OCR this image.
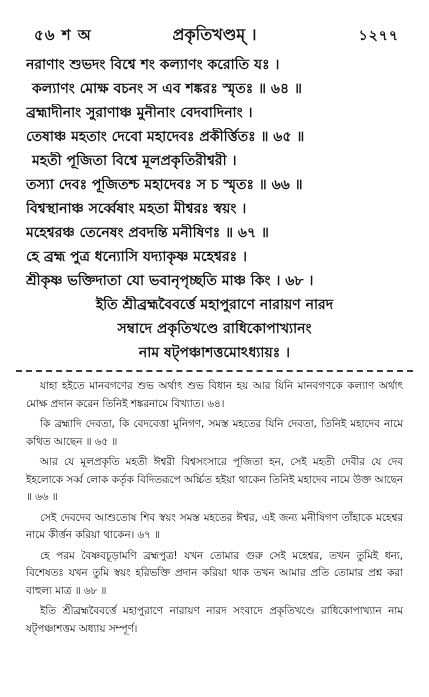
৫৬ শ অ	প্রকৃতিখণ্ডম্ ।	১২৭৭
নরাণাং শুভদং বিশ্বে শং কল্যাণং করোতি যঃ ।
কল্যাণং মোক্ষ বচনং স এব শঙ্করঃ স্মৃতঃ ॥ ৬৪ ॥
ব্রহ্মাদীনাং সুরাণাঞ্চ মুনীনাং বেদবাদিনাং ।
তেষাঞ্চ মহতাং দেবো মহাদেবঃ প্রকীর্ত্তিতঃ ॥ ৬৫ ॥
মহতী পূজিতা বিশ্বে মূলপ্রকৃতিরীশ্বরী ।
তস্যা দেবঃ পূজিতশ্চ মহাদেবঃ স চ স্মৃতঃ ॥ ৬৬ ॥
বিশ্বস্থানাঞ্চ সর্ব্বেষাং মহতা মীশ্বরঃ স্বয়ং ।
মহেশ্বরঞ্চ তেনেষং প্রবদন্তি মনীষিণঃ ॥ ৬৭ ॥
হে ব্রহ্ম পুত্র ধন্যোসি যদ্যাকৃষ্ণ মহেশ্বরঃ ।
শ্রীকৃষ্ণ ভক্তিদাতা যো ভবানৃপৃচ্ছতি মাঞ্চ কিং । ৬৮ ।
ইতি শ্রীব্রহ্মবৈবর্ত্তে মহাপুরাণে নারায়ণ নারদ
সম্বাদে প্রকৃতিখণ্ডে রাধিকোপাখ্যানং
নাম ষট্পঞ্চাশত্তমোঽধ্যায়ঃ ।

যাহা হইতে মানবগণের শুভ অর্থাৎ শুভ বিধান হয় আর যিনি মানবগণকে কল্যাণ অর্থাৎ মোক্ষ প্রদান করেন তিনিই শঙ্করনামে বিখ্যাত। ৬৪।

কি ব্রহ্মাদি দেবতা, কি বেদবেত্তা মুনিগণ, সমস্ত মহতের যিনি দেবতা, তিনিই মহাদেব নামে কথিত আছেন ॥ ৬৫ ॥

আর যে মূলপ্রকৃতি মহতী ঈশ্বরী বিশ্বসংসারে পূজিতা হন, সেই মহতী দেবীর যে দেব ইহলোকে সর্ব্ব লোক কর্তৃক বিদিতরূপে অর্চ্চিত হইয়া থাকেন তিনিই মহাদেব নামে উক্ত আছেন ॥ ৬৬ ॥

সেই দেবদেব আশুতোষ শিব স্বয়ং সমস্ত মহতের ঈশ্বর, এই জন্য মনীষিগণ তাঁহাকে মহেশ্বর নামে কীর্ত্তন করিয়া থাকেন। ৬৭ ॥

হে পরম বৈষ্ণবচূড়ামণি ব্রহ্মপুত্র! যখন তোমার গুরু সেই মহেশ্বর, তখন তুমিই ধন্য, বিশেষতঃ যখন তুমি স্বয়ং হরিভক্তি প্রদান করিয়া থাক তখন আমার প্রতি তোমার প্রশ্ন করা বাহুল্য মাত্র ॥ ৬৮ ॥

ইতি শ্রীব্রহ্মবৈবর্ত্তে মহাপুরাণে নারায়ণ নারদ সংবাদে প্রকৃতিখণ্ডে রাধিকোপাখ্যান নাম ষট্পঞ্চাশত্তম অধ্যায় সম্পূর্ণ।
